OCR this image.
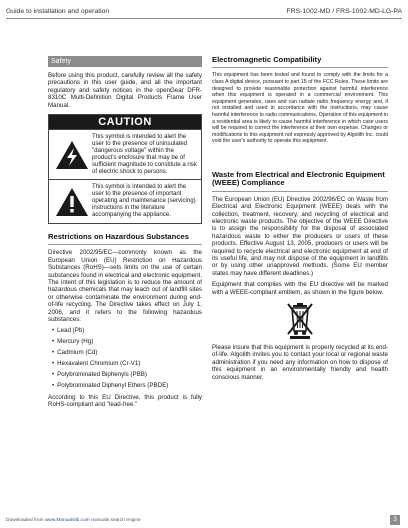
Guide to installation and operation	FRS-1002-MD / FRS-1002-MD-LG-PA
Safety

Before using this product, carefully review all the safety precautions in this user guide, and all the important regulatory and safety notices in the openGear DFR-8310C Multi-Definition Digital Products Frame User Manual.

CAUTION
This symbol is intended to alert the user to the presence of uninsulated "dangerous voltage" within the product's enclosure that may be of sufficient magnitude to constitute a risk of electric shock to persons.
This symbol is intended to alert the user to the presence of important operating and maintenance (servicing) instructions in the literature accompanying the appliance.
Restrictions on Hazardous Substances

Directive 2002/95/EC—commonly known as the European Union (EU) Restriction on Hazardous Substances (RoHS)—sets limits on the use of certain substances found in electrical and electronic equipment. The intent of this legislation is to reduce the amount of hazardous chemicals that may leach out of landfill sites or otherwise contaminate the environment during end-of-life recycling. The Directive takes effect on July 1, 2006, and it refers to the following hazardous substances:

• Lead (Pb)
• Mercury (Hg)
• Cadmium (Cd)
• Hexavalent Chromium (Cr-V1)
• Polybrominated Biphenyls (PBB)
• Polybrominated Diphenyl Ethers (PBDE)

According to this EU Directive, this product is fully RoHS-compliant and "lead-free."

Electromagnetic Compatibility

This equipment has been tested and found to comply with the limits for a class A digital device, pursuant to part 15 of the FCC Rules. These limits are designed to provide reasonable protection against harmful interference when this equipment is operated in a commercial environment. This equipment generates, uses and can radiate radio frequency energy and, if not installed and used in accordance with the instructions, may cause harmful interference to radio communications. Operation of this equipment in a residential area is likely to cause harmful interference in which case users will be required to correct the interference at their own expense. Changes or modifications to this equipment not expressly approved by Algolith Inc. could void the user's authority to operate this equipment.

Waste from Electrical and Electronic Equipment (WEEE) Compliance

The European Union (EU) Directive 2002/96/EC on Waste from Electrical and Electronic Equipment (WEEE) deals with the collection, treatment, recovery, and recycling of electrical and electronic waste products. The objective of the WEEE Directive is to assign the responsibility for the disposal of associated hazardous waste to either the producers or users of these products. Effective August 13, 2005, producers or users will be required to recycle electrical and electronic equipment at end of its useful life, and may not dispose of the equipment in landfills or by using other unapproved methods. (Some EU member states may have different deadlines.)

Equipment that complies with the EU directive will be marked with a WEEE-compliant emblem, as shown in the figure below.

Please insure that this equipment is properly recycled at its end-of-life. Algolith invites you to contact your local or regional waste administration if you need any information on how to dispose of this equipment in an environmentally friendly and health conscious manner.

Downloaded from www.Manualslib.com manuals search engine	3
